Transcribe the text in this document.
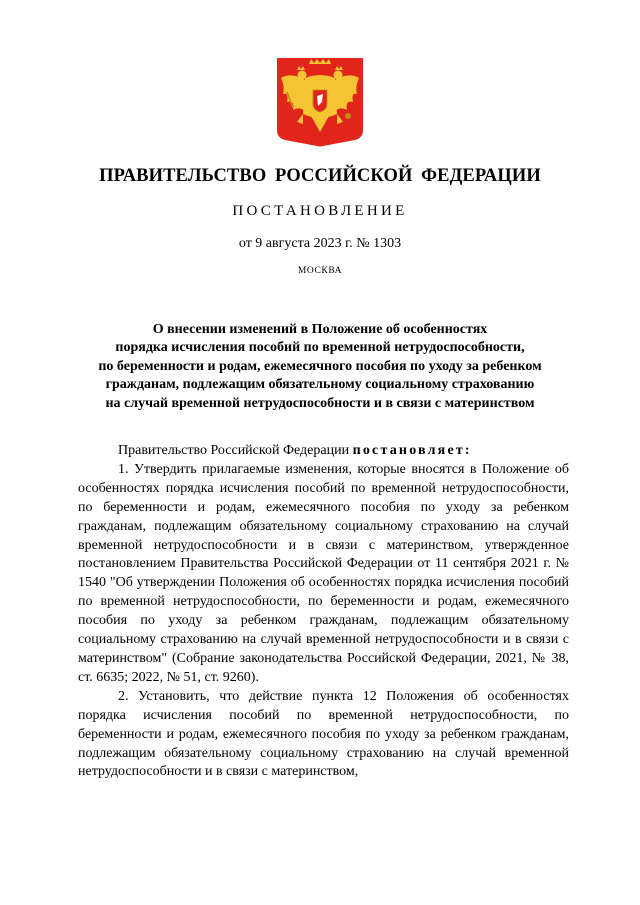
ПРАВИТЕЛЬСТВО РОССИЙСКОЙ ФЕДЕРАЦИИ
ПОСТАНОВЛЕНИЕ
от 9 августа 2023 г. № 1303
МОСКВА
О внесении изменений в Положение об особенностях
порядка исчисления пособий по временной нетрудоспособности,
по беременности и родам, ежемесячного пособия по уходу за ребенком
гражданам, подлежащим обязательному социальному страхованию
на случай временной нетрудоспособности и в связи с материнством

Правительство Российской Федерации постановляет:

1. Утвердить прилагаемые изменения, которые вносятся в Положение об особенностях порядка исчисления пособий по временной нетрудоспособности, по беременности и родам, ежемесячного пособия по уходу за ребенком гражданам, подлежащим обязательному социальному страхованию на случай временной нетрудоспособности и в связи с материнством, утвержденное постановлением Правительства Российской Федерации от 11 сентября 2021 г. № 1540 "Об утверждении Положения об особенностях порядка исчисления пособий по временной нетрудоспособности, по беременности и родам, ежемесячного пособия по уходу за ребенком гражданам, подлежащим обязательному социальному страхованию на случай временной нетрудоспособности и в связи с материнством" (Собрание законодательства Российской Федерации, 2021, № 38, ст. 6635; 2022, № 51, ст. 9260).

2. Установить, что действие пункта 12 Положения об особенностях порядка исчисления пособий по временной нетрудоспособности, по беременности и родам, ежемесячного пособия по уходу за ребенком гражданам, подлежащим обязательному социальному страхованию на случай временной нетрудоспособности и в связи с материнством,
